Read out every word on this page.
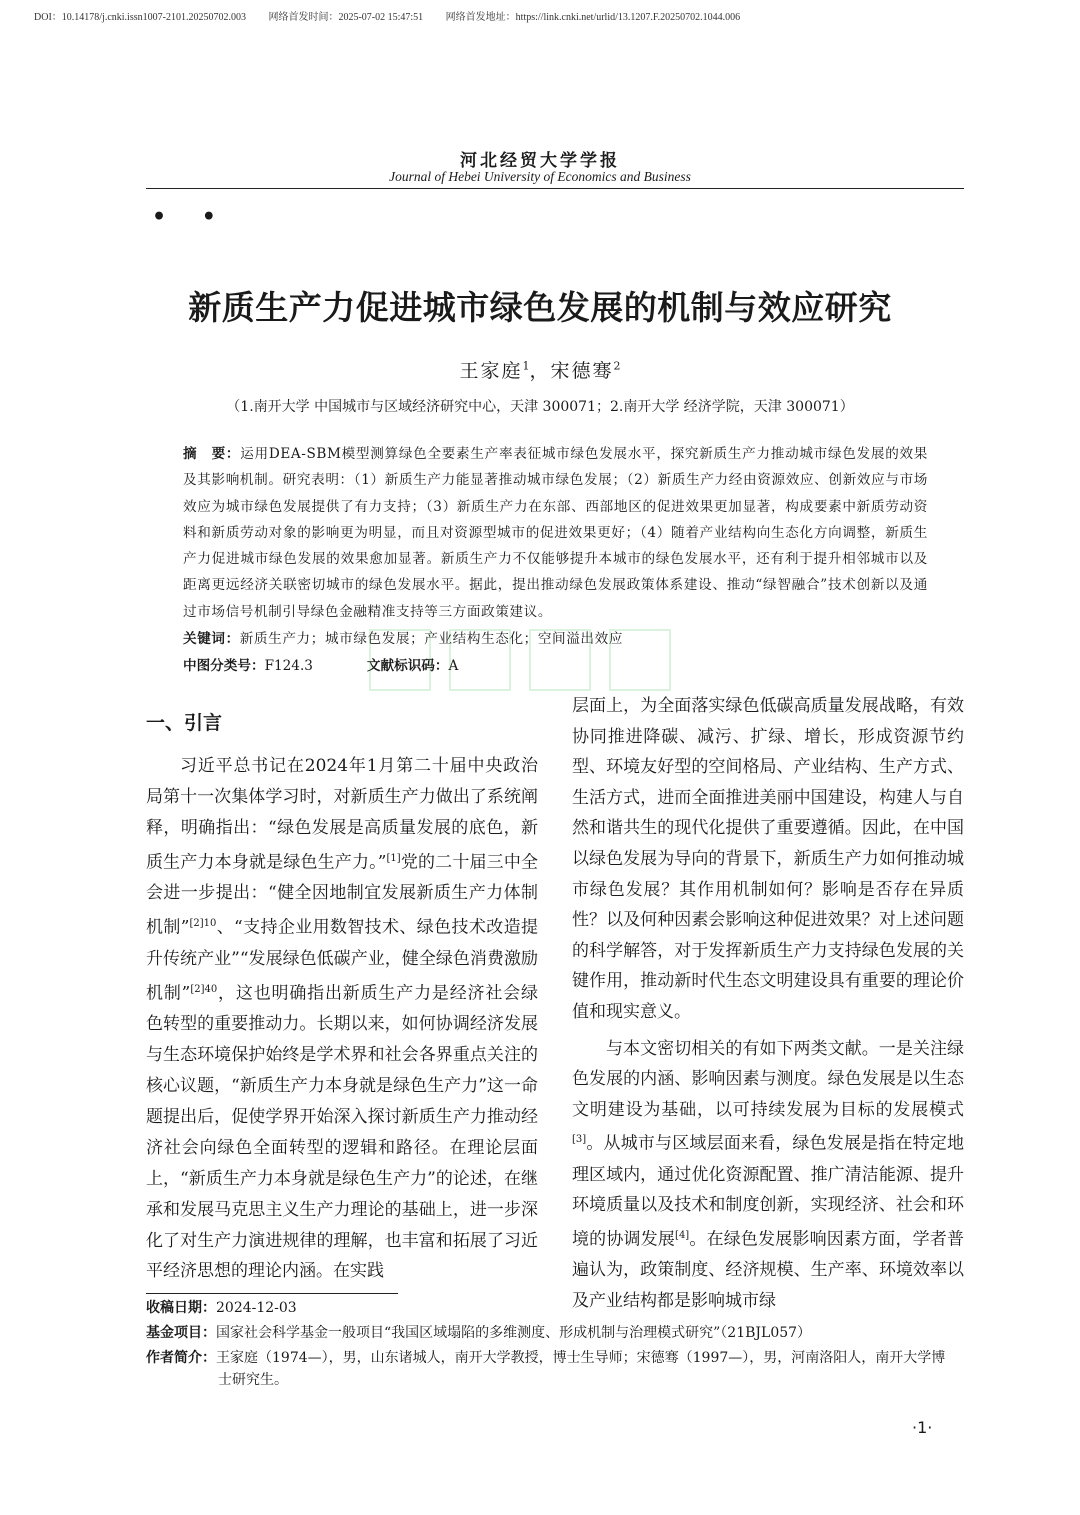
DOI：10.14178/j.cnki.issn1007-2101.20250702.003 网络首发时间：2025-07-02 15:47:51 网络首发地址：https://link.cnki.net/urlid/13.1207.F.20250702.1044.006
河北经贸大学学报
Journal of Hebei University of Economics and Business
• •
新质生产力促进城市绿色发展的机制与效应研究
王家庭$^1$，宋德骞$^2$
（1.南开大学 中国城市与区域经济研究中心，天津 300071；2.南开大学 经济学院，天津 300071）
摘　要：运用DEA-SBM模型测算绿色全要素生产率表征城市绿色发展水平，探究新质生产力推动城市绿色发展的效果及其影响机制。研究表明：（1）新质生产力能显著推动城市绿色发展；（2）新质生产力经由资源效应、创新效应与市场效应为城市绿色发展提供了有力支持；（3）新质生产力在东部、西部地区的促进效果更加显著，构成要素中新质劳动资料和新质劳动对象的影响更为明显，而且对资源型城市的促进效果更好；（4）随着产业结构向生态化方向调整，新质生产力促进城市绿色发展的效果愈加显著。新质生产力不仅能够提升本城市的绿色发展水平，还有利于提升相邻城市以及距离更远经济关联密切城市的绿色发展水平。据此，提出推动绿色发展政策体系建设、推动“绿智融合”技术创新以及通过市场信号机制引导绿色金融精准支持等三方面政策建议。
关键词：新质生产力；城市绿色发展；产业结构生态化；空间溢出效应
中图分类号：F124.3	文献标识码：A
一、引言
习近平总书记在2024年1月第二十届中央政治局第十一次集体学习时，对新质生产力做出了系统阐释，明确指出：“绿色发展是高质量发展的底色，新质生产力本身就是绿色生产力。”[1]党的二十届三中全会进一步提出：“健全因地制宜发展新质生产力体制机制”$^{[2]10}$、“支持企业用数智技术、绿色技术改造提升传统产业”“发展绿色低碳产业，健全绿色消费激励机制”$^{[2]40}$，这也明确指出新质生产力是经济社会绿色转型的重要推动力。长期以来，如何协调经济发展与生态环境保护始终是学术界和社会各界重点关注的核心议题，“新质生产力本身就是绿色生产力”这一命题提出后，促使学界开始深入探讨新质生产力推动经济社会向绿色全面转型的逻辑和路径。在理论层面上，“新质生产力本身就是绿色生产力”的论述，在继承和发展马克思主义生产力理论的基础上，进一步深化了对生产力演进规律的理解，也丰富和拓展了习近平经济思想的理论内涵。在实践

层面上，为全面落实绿色低碳高质量发展战略，有效协同推进降碳、减污、扩绿、增长，形成资源节约型、环境友好型的空间格局、产业结构、生产方式、生活方式，进而全面推进美丽中国建设，构建人与自然和谐共生的现代化提供了重要遵循。因此，在中国以绿色发展为导向的背景下，新质生产力如何推动城市绿色发展？其作用机制如何？影响是否存在异质性？以及何种因素会影响这种促进效果？对上述问题的科学解答，对于发挥新质生产力支持绿色发展的关键作用，推动新时代生态文明建设具有重要的理论价值和现实意义。

与本文密切相关的有如下两类文献。一是关注绿色发展的内涵、影响因素与测度。绿色发展是以生态文明建设为基础，以可持续发展为目标的发展模式[3]。从城市与区域层面来看，绿色发展是指在特定地理区域内，通过优化资源配置、推广清洁能源、提升环境质量以及技术和制度创新，实现经济、社会和环境的协调发展[4]。在绿色发展影响因素方面，学者普遍认为，政策制度、经济规模、生产率、环境效率以及产业结构都是影响城市绿

收稿日期：2024-12-03
基金项目：国家社会科学基金一般项目“我国区域塌陷的多维测度、形成机制与治理模式研究”（21BJL057）
作者简介：王家庭（1974—），男，山东诸城人，南开大学教授，博士生导师；宋德骞（1997—），男，河南洛阳人，南开大学博
士研究生。
·1·
